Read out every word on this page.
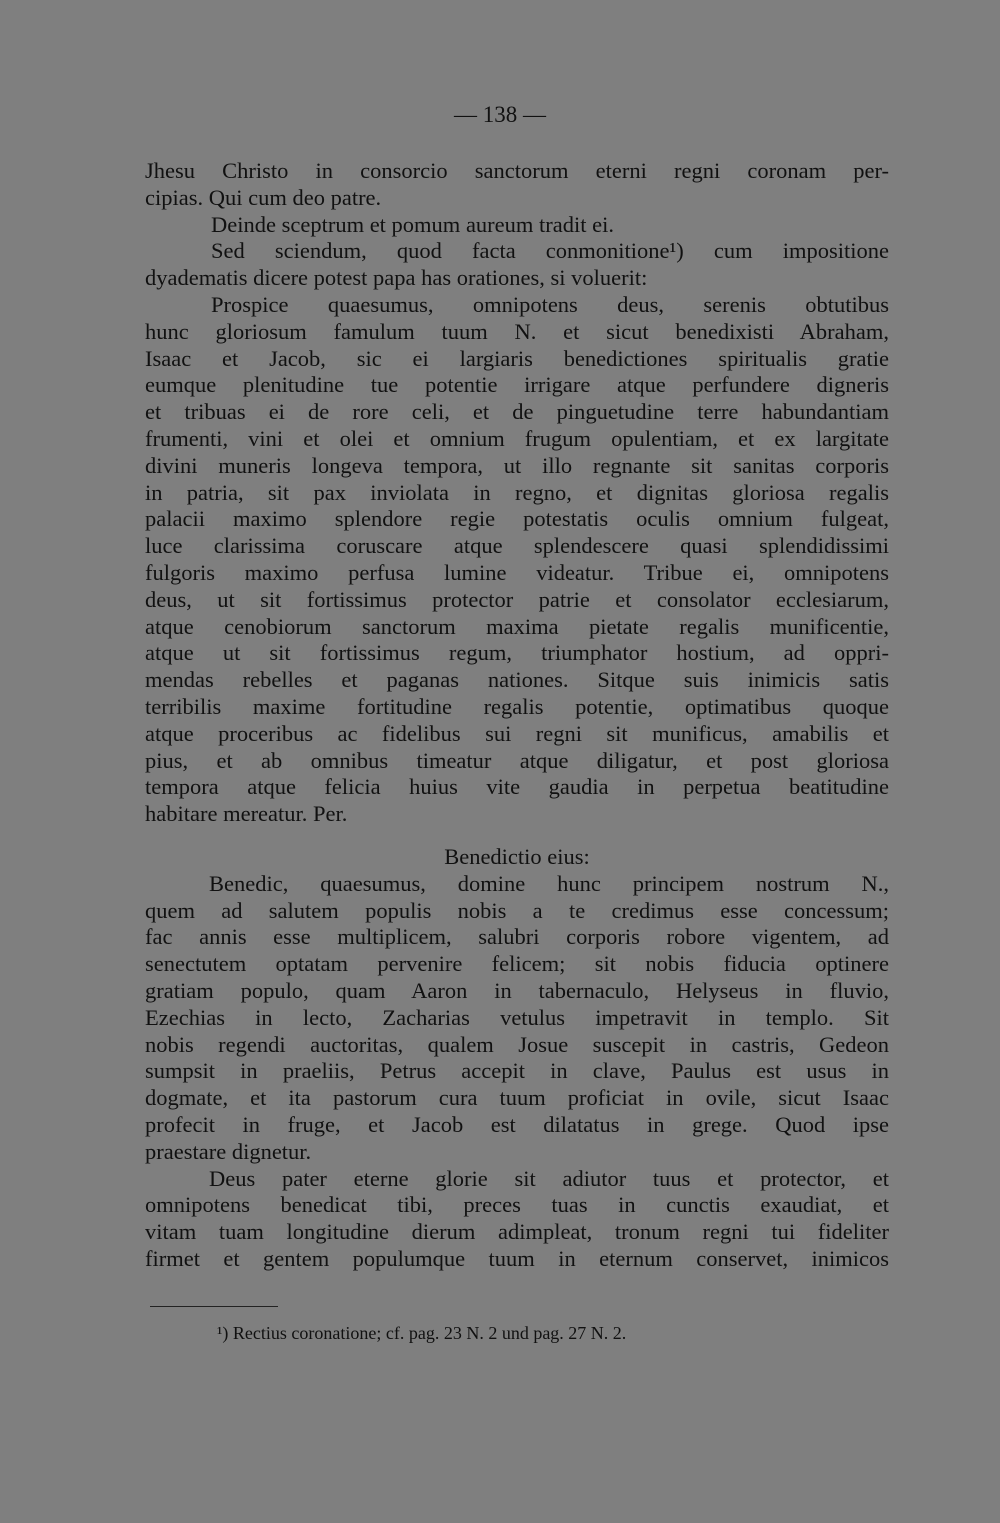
— 138 —
Jhesu Christo in consorcio sanctorum eterni regni coronam per-
cipias. Qui cum deo patre.
Deinde sceptrum et pomum aureum tradit ei.
Sed sciendum, quod facta conmonitione¹) cum impositione
dyadematis dicere potest papa has orationes, si voluerit:
Prospice quaesumus, omnipotens deus, serenis obtutibus
hunc gloriosum famulum tuum N. et sicut benedixisti Abraham,
Isaac et Jacob, sic ei largiaris benedictiones spiritualis gratie
eumque plenitudine tue potentie irrigare atque perfundere digneris
et tribuas ei de rore celi, et de pinguetudine terre habundantiam
frumenti, vini et olei et omnium frugum opulentiam, et ex largitate
divini muneris longeva tempora, ut illo regnante sit sanitas corporis
in patria, sit pax inviolata in regno, et dignitas gloriosa regalis
palacii maximo splendore regie potestatis oculis omnium fulgeat,
luce clarissima coruscare atque splendescere quasi splendidissimi
fulgoris maximo perfusa lumine videatur. Tribue ei, omnipotens
deus, ut sit fortissimus protector patrie et consolator ecclesiarum,
atque cenobiorum sanctorum maxima pietate regalis munificentie,
atque ut sit fortissimus regum, triumphator hostium, ad oppri-
mendas rebelles et paganas nationes. Sitque suis inimicis satis
terribilis maxime fortitudine regalis potentie, optimatibus quoque
atque proceribus ac fidelibus sui regni sit munificus, amabilis et
pius, et ab omnibus timeatur atque diligatur, et post gloriosa
tempora atque felicia huius vite gaudia in perpetua beatitudine
habitare mereatur. Per.
Benedictio eius:
Benedic, quaesumus, domine hunc principem nostrum N.,
quem ad salutem populis nobis a te credimus esse concessum;
fac annis esse multiplicem, salubri corporis robore vigentem, ad
senectutem optatam pervenire felicem; sit nobis fiducia optinere
gratiam populo, quam Aaron in tabernaculo, Helyseus in fluvio,
Ezechias in lecto, Zacharias vetulus impetravit in templo. Sit
nobis regendi auctoritas, qualem Josue suscepit in castris, Gedeon
sumpsit in praeliis, Petrus accepit in clave, Paulus est usus in
dogmate, et ita pastorum cura tuum proficiat in ovile, sicut Isaac
profecit in fruge, et Jacob est dilatatus in grege. Quod ipse
praestare dignetur.
Deus pater eterne glorie sit adiutor tuus et protector, et
omnipotens benedicat tibi, preces tuas in cunctis exaudiat, et
vitam tuam longitudine dierum adimpleat, tronum regni tui fideliter
firmet et gentem populumque tuum in eternum conservet, inimicos
¹) Rectius coronatione; cf. pag. 23 N. 2 und pag. 27 N. 2.
